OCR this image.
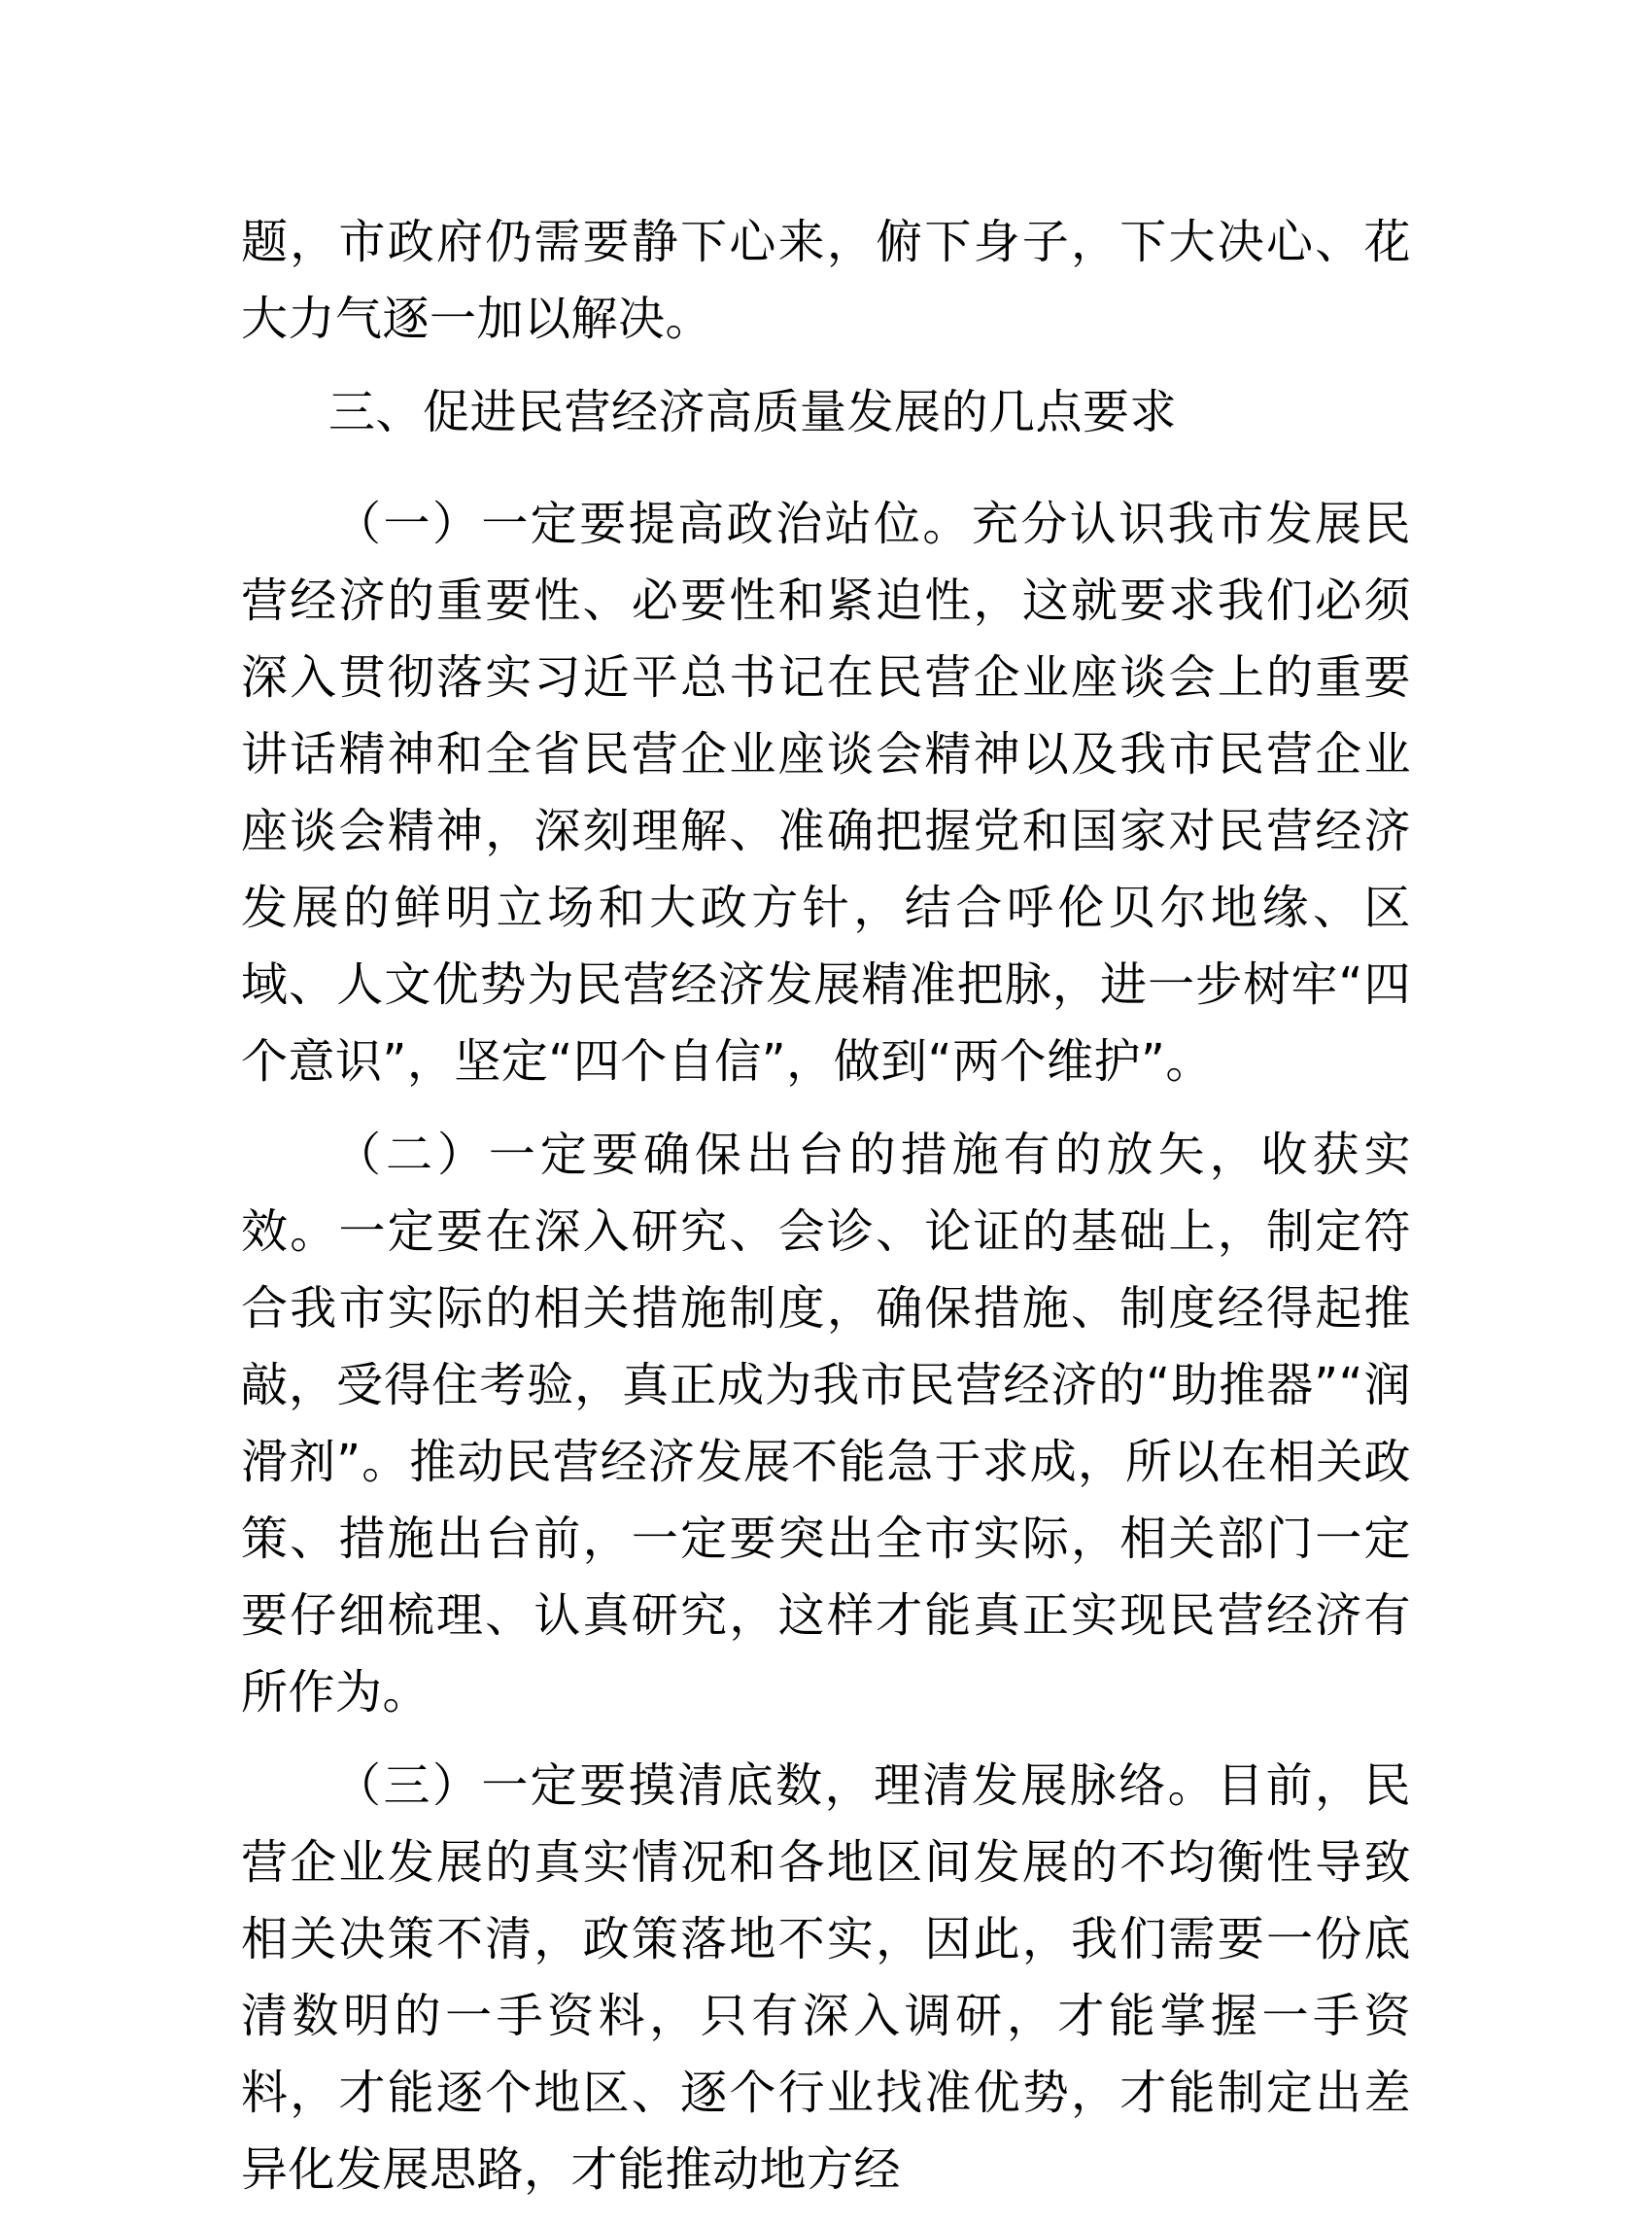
题，市政府仍需要静下心来，俯下身子，下大决心、花大力气逐一加以解决。

三、促进民营经济高质量发展的几点要求

（一）一定要提高政治站位。充分认识我市发展民营经济的重要性、必要性和紧迫性，这就要求我们必须深入贯彻落实习近平总书记在民营企业座谈会上的重要讲话精神和全省民营企业座谈会精神以及我市民营企业座谈会精神，深刻理解、准确把握党和国家对民营经济发展的鲜明立场和大政方针，结合呼伦贝尔地缘、区域、人文优势为民营经济发展精准把脉，进一步树牢“四个意识”，坚定“四个自信”，做到“两个维护”。

（二）一定要确保出台的措施有的放矢，收获实效。一定要在深入研究、会诊、论证的基础上，制定符合我市实际的相关措施制度，确保措施、制度经得起推敲，受得住考验，真正成为我市民营经济的“助推器”“润滑剂”。推动民营经济发展不能急于求成，所以在相关政策、措施出台前，一定要突出全市实际，相关部门一定要仔细梳理、认真研究，这样才能真正实现民营经济有所作为。

（三）一定要摸清底数，理清发展脉络。目前，民营企业发展的真实情况和各地区间发展的不均衡性导致相关决策不清，政策落地不实，因此，我们需要一份底清数明的一手资料，只有深入调研，才能掌握一手资料，才能逐个地区、逐个行业找准优势，才能制定出差异化发展思路，才能推动地方经
